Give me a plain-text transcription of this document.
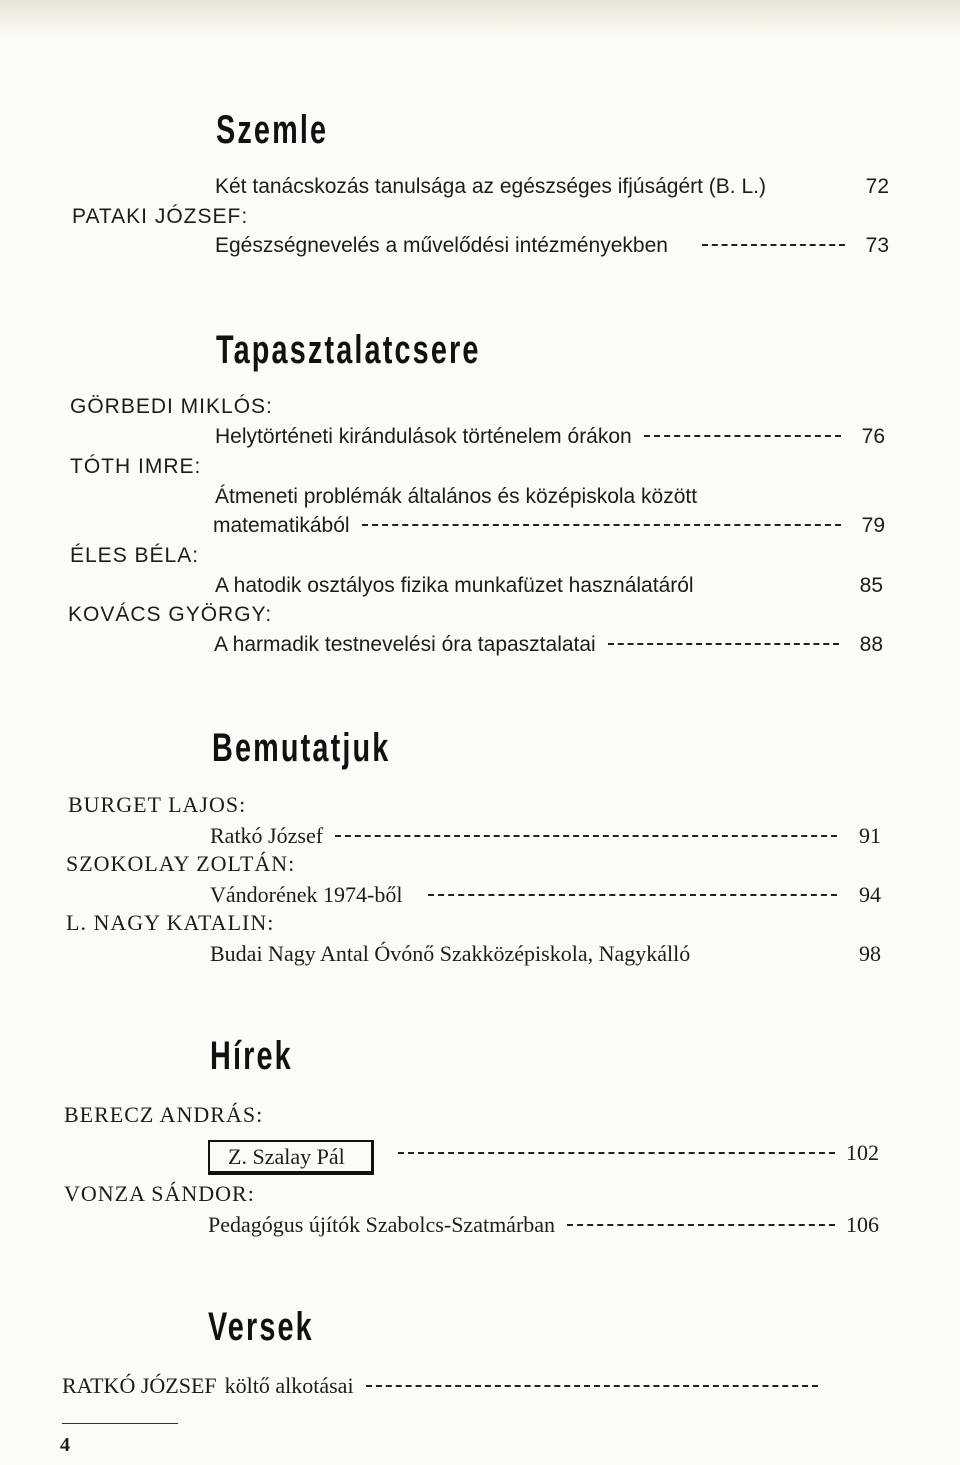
Szemle
Két tanácskozás tanulsága az egészséges ifjúságért (B. L.)	72
PATAKI JÓZSEF:
Egészségnevelés a művelődési intézményekben	73
Tapasztalatcsere
GÖRBEDI MIKLÓS:
Helytörténeti kirándulások történelem órákon	76
TÓTH IMRE:
Átmeneti problémák általános és középiskola között
matematikából	79
ÉLES BÉLA:
A hatodik osztályos fizika munkafüzet használatáról	85
KOVÁCS GYÖRGY:
A harmadik testnevelési óra tapasztalatai	88
Bemutatjuk
BURGET LAJOS:
Ratkó József	91
SZOKOLAY ZOLTÁN:
Vándorének 1974-ből	94
L. NAGY KATALIN:
Budai Nagy Antal Óvónő Szakközépiskola, Nagykálló	98
Hírek
BERECZ ANDRÁS:
Z. Szalay Pál	102
VONZA SÁNDOR:
Pedagógus újítók Szabolcs-Szatmárban	106
Versek
RATKÓ JÓZSEF költő alkotásai
4
